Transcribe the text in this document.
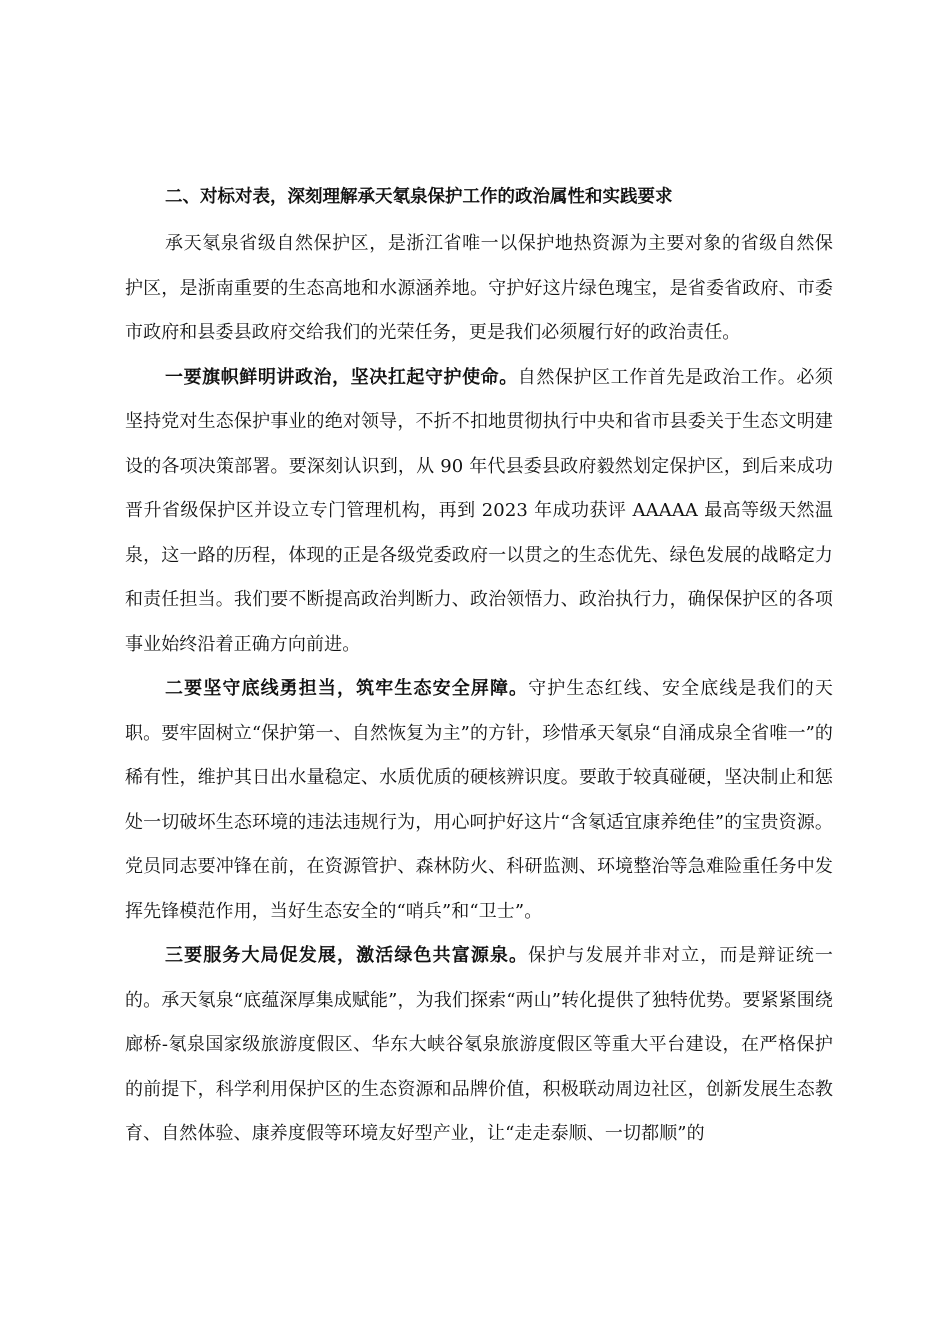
二、对标对表，深刻理解承天氡泉保护工作的政治属性和实践要求

承天氡泉省级自然保护区，是浙江省唯一以保护地热资源为主要对象的省级自然保护区，是浙南重要的生态高地和水源涵养地。守护好这片绿色瑰宝，是省委省政府、市委市政府和县委县政府交给我们的光荣任务，更是我们必须履行好的政治责任。

一要旗帜鲜明讲政治，坚决扛起守护使命。自然保护区工作首先是政治工作。必须坚持党对生态保护事业的绝对领导，不折不扣地贯彻执行中央和省市县委关于生态文明建设的各项决策部署。要深刻认识到，从 90 年代县委县政府毅然划定保护区，到后来成功晋升省级保护区并设立专门管理机构，再到 2023 年成功获评 AAAAA 最高等级天然温泉，这一路的历程，体现的正是各级党委政府一以贯之的生态优先、绿色发展的战略定力和责任担当。我们要不断提高政治判断力、政治领悟力、政治执行力，确保保护区的各项事业始终沿着正确方向前进。

二要坚守底线勇担当，筑牢生态安全屏障。守护生态红线、安全底线是我们的天职。要牢固树立“保护第一、自然恢复为主”的方针，珍惜承天氡泉“自涌成泉全省唯一”的稀有性，维护其日出水量稳定、水质优质的硬核辨识度。要敢于较真碰硬，坚决制止和惩处一切破坏生态环境的违法违规行为，用心呵护好这片“含氡适宜康养绝佳”的宝贵资源。党员同志要冲锋在前，在资源管护、森林防火、科研监测、环境整治等急难险重任务中发挥先锋模范作用，当好生态安全的“哨兵”和“卫士”。

三要服务大局促发展，激活绿色共富源泉。保护与发展并非对立，而是辩证统一的。承天氡泉“底蕴深厚集成赋能”，为我们探索“两山”转化提供了独特优势。要紧紧围绕廊桥-氡泉国家级旅游度假区、华东大峡谷氡泉旅游度假区等重大平台建设，在严格保护的前提下，科学利用保护区的生态资源和品牌价值，积极联动周边社区，创新发展生态教育、自然体验、康养度假等环境友好型产业，让“走走泰顺、一切都顺”的
